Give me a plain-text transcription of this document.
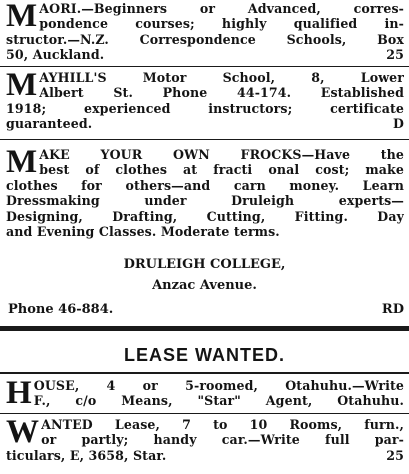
M AORI.—Beginners or Advanced, corres-
pondence courses; highly qualified in-
structor.—N.Z. Correspondence Schools, Box
50, Auckland.	25
M AYHILL'S Motor School, 8, Lower
Albert St. Phone 44-174. Established
1918; experienced instructors; certificate
guaranteed.	D
M AKE YOUR OWN FROCKS—Have the
best of clothes at fracti onal cost; make
clothes for others—and carn money. Learn
Dressmaking under Druleigh experts—
Designing, Drafting, Cutting, Fitting. Day
and Evening Classes. Moderate terms.
DRULEIGH COLLEGE,
Anzac Avenue.
Phone 46-884.	RD
LEASE WANTED.
H OUSE, 4 or 5-roomed, Otahuhu.—Write
F., c/o Means, "Star" Agent, Otahuhu.
W ANTED Lease, 7 to 10 Rooms, furn.,
or partly; handy car.—Write full par-
ticulars, E, 3658, Star.	25
